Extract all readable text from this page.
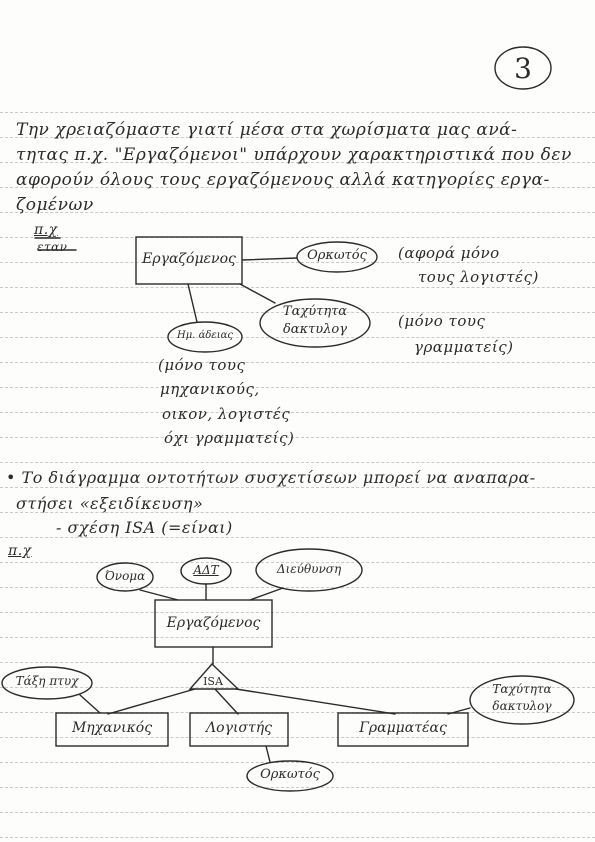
3
Την χρειαζόμαστε γιατί μέσα στα χωρίσματα μας ανά-
τητας π.χ. "Εργαζόμενοι" υπάρχουν χαρακτηριστικά που δεν
αφορούν όλους τους εργαζόμενους αλλά κατηγορίες εργα-
ζομένων
π.χ
εταν
Εργαζόμενος	Ορκωτός	(αφορά μόνο
τους λογιστές)
Ταχύτητα
δακτυλογ	(μόνο τους
γραμματείς)
Ημ. άδειας
(μόνο τους
μηχανικούς,
οικον, λογιστές
όχι γραμματείς)
• Το διάγραμμα οντοτήτων συσχετίσεων μπορεί να αναπαρα-
στήσει «εξειδίκευση»
- σχέση ISA (=είναι)
π.χ
Εργαζόμενος
Όνομα	ΑΔΤ	Διεύθυνση
ISA
Τάξη πτυχ
Ταχύτητα
δακτυλογ
Μηχανικός	Λογιστής	Γραμματέας
Ορκωτός
